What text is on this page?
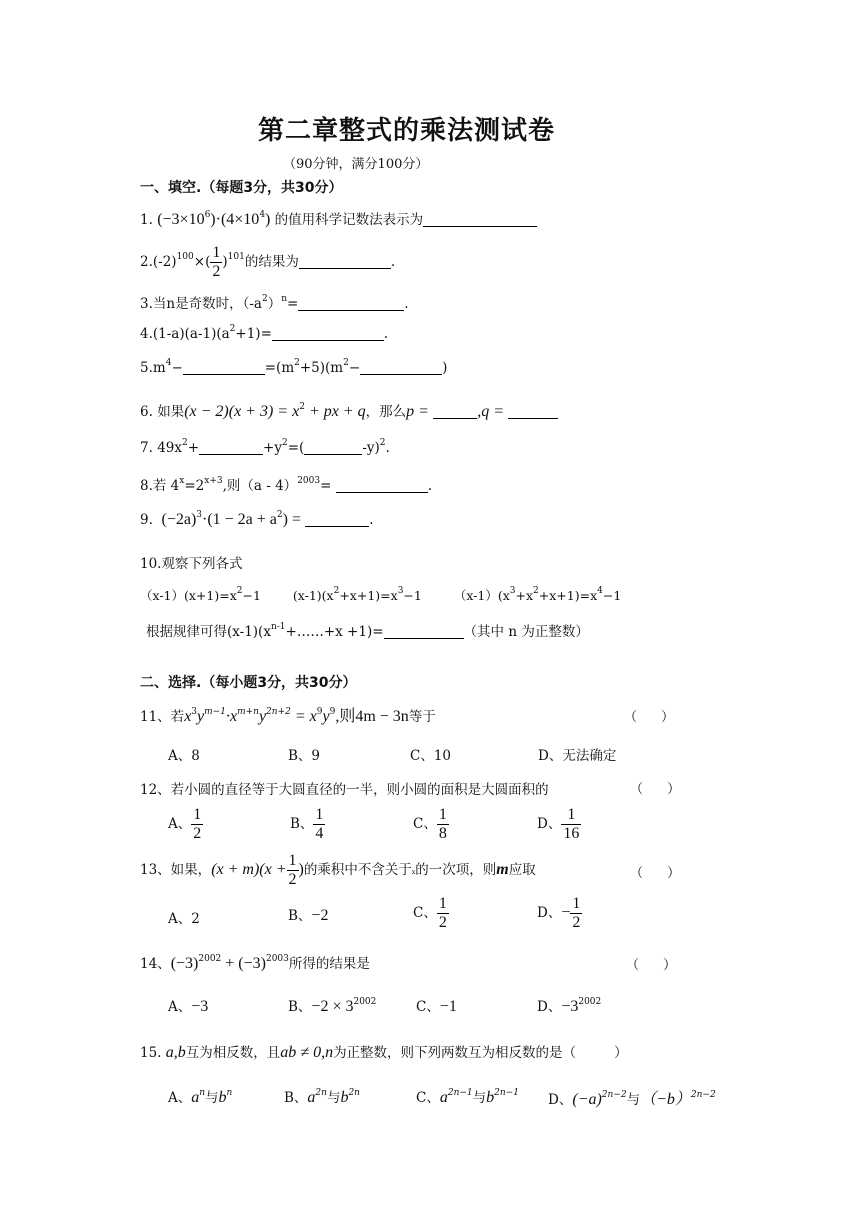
第二章整式的乘法测试卷
（90分钟，满分100分）
一、填空.（每题3分，共30分）
1. $(-3\times 10^6)\cdot(4\times 10^4)$ 的值用科学记数法表示为
$2.(-2)^{100}\times( \frac{1}{2} )^{101}$的结果为	.
3.当n是奇数时，$(-a^2)^n=$	.
$4.(1-a)(a-1)(a^2+1)=$	.
$5.m^4-$	$=(m^2+5)(m^2-$	)
6. 如果$(x - 2)(x + 3) = x^2$ + px + q，那么p =	,q =
7. $49x^2+$	$+y^2=$(	-y)$^2$.
8.若 $4^x=2^{x+3}$,则（a - 4）$^{2003}$=	.
9. $(-2a)^3\cdot(1 - 2a + a^2)$ =	.
10.观察下列各式
$(x-1)(x+1)=x^2-1$	$(x-1)(x^2+x+1)=x^3-1$	$(x-1)(x^3+x^2+x+1)=x^4-1$
根据规律可得$(x-1)(x^{n-1}+\dots\dots+x +1)=$	（其中 n 为正整数）
二、选择.（每小题3分，共30分）
11、若$x^3y^{m-1}\cdot x^{m+n}y^{2n+2} = x^9y^9$,则4m − 3n等于	（ ）
A、8	B、9	C、10	D、无法确定
12、若小圆的直径等于大圆直径的一半，则小圆的面积是大圆面积的	（ ）
A、 $\frac{1}{2}$	B、 $\frac{1}{4}$	C、 $\frac{1}{8}$	D、 $\frac{1}{16}$
13、如果，$(x + m)(x + \frac{1}{2}$ )的乘积中不含关于x的一次项，则m应取	（ ）
A、2	B、−2	C、 $\frac{1}{2}$	D、− $\frac{1}{2}$
14、$(-3)^{2002} + (-3)^{2003}$所得的结果是	（ ）
A、−3	B、$-2 \times 3^{2002}$	C、−1	D、$-3^{2002}$
15. a,b互为相反数，且ab ≠ 0,n为正整数，则下列两数互为相反数的是（	）
A、$a^n$与$b^n$	B、$a^{2n}$与$b^{2n}$	C、$a^{2n-1}$与$b^{2n-1}$ D、$(-a)^{2n-2}$与$(-b)^{2n-2}$
